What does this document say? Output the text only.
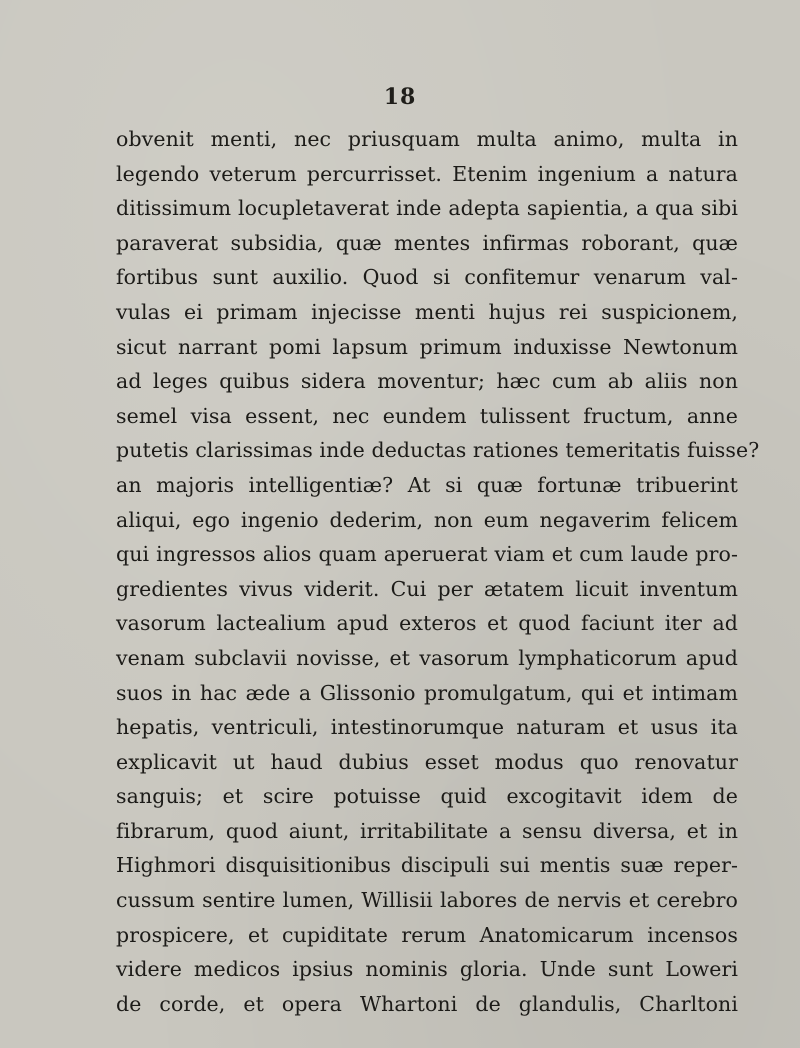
18
obvenit menti, nec priusquam multa animo, multa in
legendo veterum percurrisset. Etenim ingenium a natura
ditissimum locupletaverat inde adepta sapientia, a qua sibi
paraverat subsidia, quæ mentes infirmas roborant, quæ
fortibus sunt auxilio. Quod si confitemur venarum val-
vulas ei primam injecisse menti hujus rei suspicionem,
sicut narrant pomi lapsum primum induxisse Newtonum
ad leges quibus sidera moventur; hæc cum ab aliis non
semel visa essent, nec eundem tulissent fructum, anne
putetis clarissimas inde deductas rationes temeritatis fuisse?
an majoris intelligentiæ? At si quæ fortunæ tribuerint
aliqui, ego ingenio dederim, non eum negaverim felicem
qui ingressos alios quam aperuerat viam et cum laude pro-
gredientes vivus viderit. Cui per ætatem licuit inventum
vasorum lactealium apud exteros et quod faciunt iter ad
venam subclavii novisse, et vasorum lymphaticorum apud
suos in hac æde a Glissonio promulgatum, qui et intimam
hepatis, ventriculi, intestinorumque naturam et usus ita
explicavit ut haud dubius esset modus quo renovatur
sanguis; et scire potuisse quid excogitavit idem de
fibrarum, quod aiunt, irritabilitate a sensu diversa, et in
Highmori disquisitionibus discipuli sui mentis suæ reper-
cussum sentire lumen, Willisii labores de nervis et cerebro
prospicere, et cupiditate rerum Anatomicarum incensos
videre medicos ipsius nominis gloria. Unde sunt Loweri
de corde, et opera Whartoni de glandulis, Charltoni
